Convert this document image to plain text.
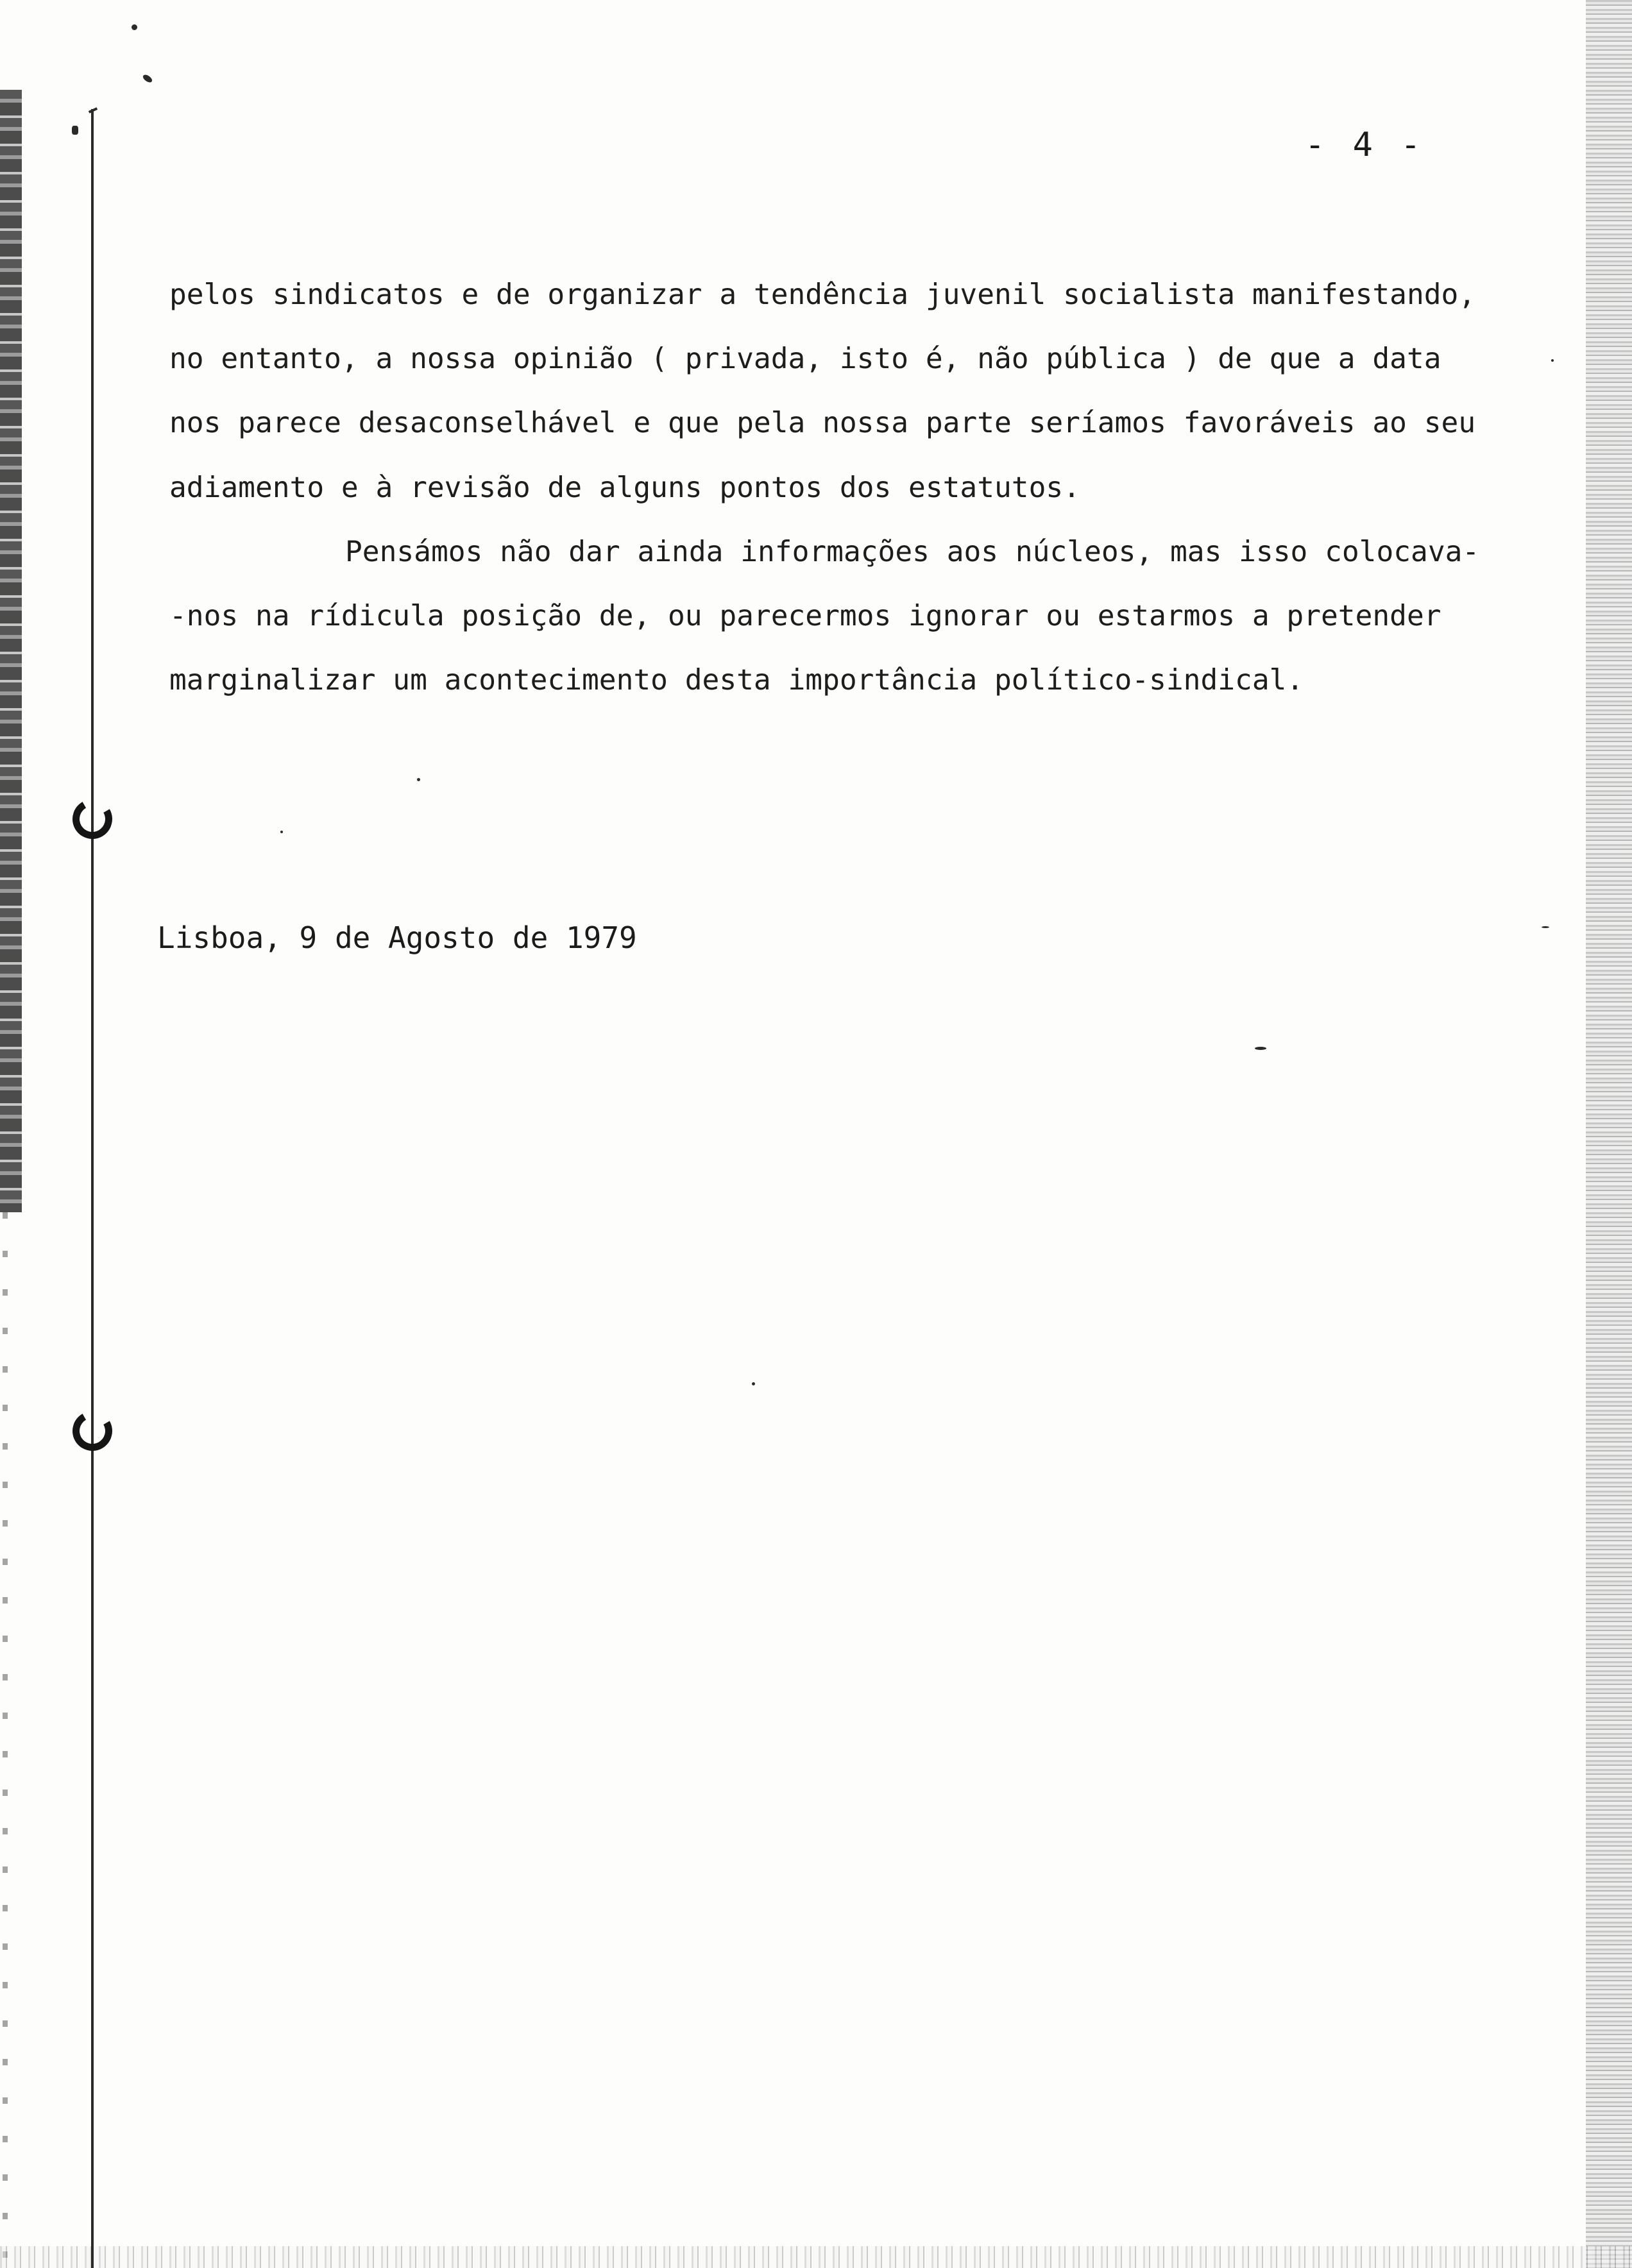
- 4 -
pelos sindicatos e de organizar a tendência juvenil socialista manifestando,
no entanto, a nossa opinião ( privada, isto é, não pública ) de que a data
nos parece desaconselhável e que pela nossa parte seríamos favoráveis ao seu
adiamento e à revisão de alguns pontos dos estatutos.
Pensámos não dar ainda informações aos núcleos, mas isso colocava-
-nos na rídicula posição de, ou parecermos ignorar ou estarmos a pretender
marginalizar um acontecimento desta importância político-sindical.
Lisboa, 9 de Agosto de 1979
